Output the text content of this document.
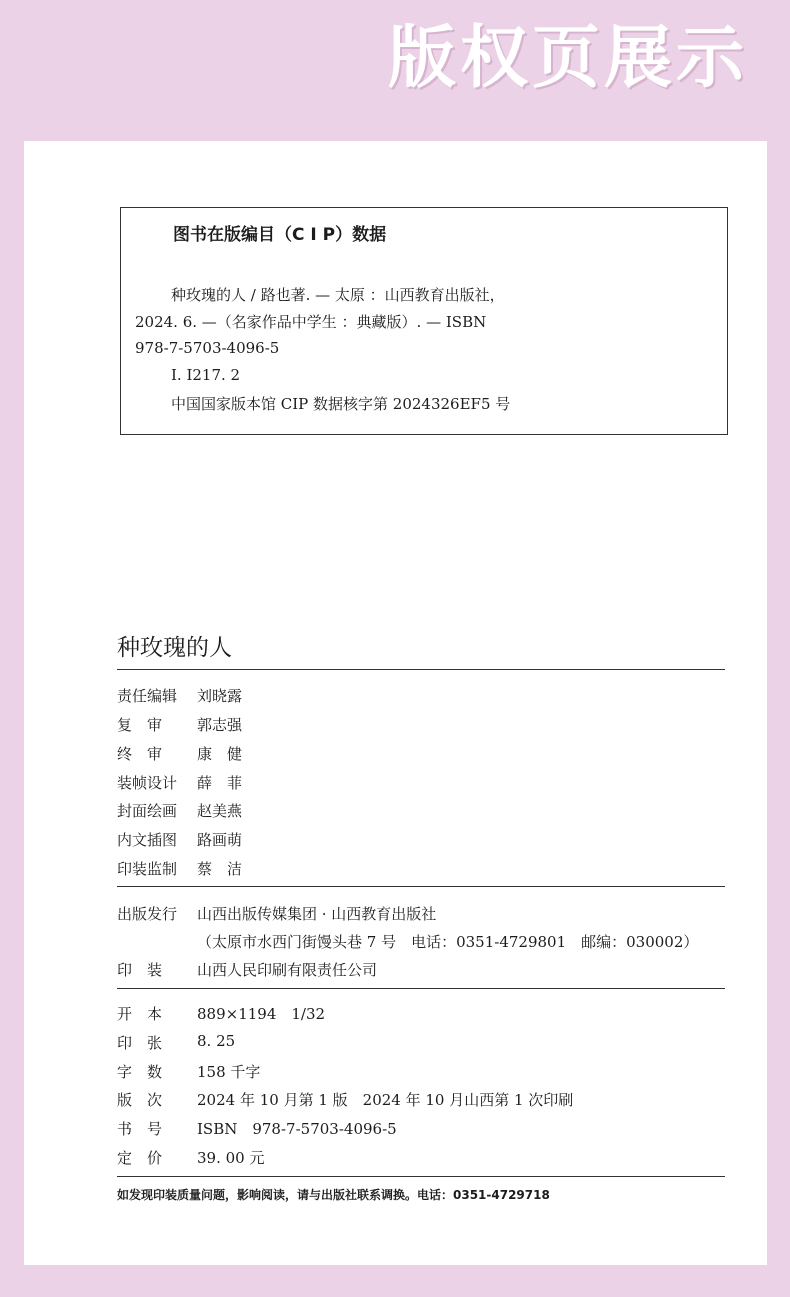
版权页展示
图书在版编目（C I P）数据
种玫瑰的人 / 路也著. — 太原 ：山西教育出版社，
2024. 6. —（名家作品中学生 ：典藏版）. — ISBN
978-7-5703-4096-5
Ⅰ. I217. 2
中国国家版本馆 CIP 数据核字第 2024326EF5 号
种玫瑰的人
责任编辑	刘晓露
复　审	郭志强
终　审	康　健
装帧设计	薛　菲
封面绘画	赵美燕
内文插图	路画萌
印装监制	蔡　洁
出版发行	山西出版传媒集团 · 山西教育出版社
（太原市水西门街馒头巷 7 号　电话：0351-4729801　邮编：030002）
印　装	山西人民印刷有限责任公司
开　本	889×1194　1/32
印　张	8. 25
字　数	158 千字
版　次	2024 年 10 月第 1 版　2024 年 10 月山西第 1 次印刷
书　号	ISBN　978-7-5703-4096-5
定　价	39. 00 元
如发现印装质量问题，影响阅读，请与出版社联系调换。电话：0351-4729718
